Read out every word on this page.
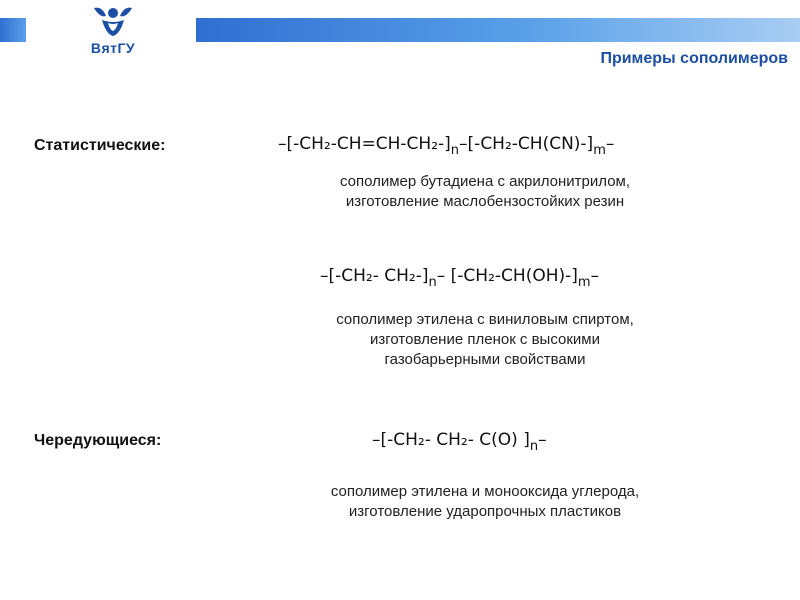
ВятГУ
Примеры сополимеров
Статистические:
Чередующиеся:
$-[-CH_2-CH=CH-CH_2-]_n-[-CH_2-CH(CN)-]_m-$
сополимер бутадиена с акрилонитрилом,
изготовление маслобензостойких резин
–[-CH₂- CH₂-]$_n-$ $[-CH_2-CH(OH)-]_m-$
сополимер этилена с виниловым спиртом,
изготовление пленок с высокими
газобарьерными свойствами
–[-CH₂- CH₂- C(O) ]$_n-$
сополимер этилена и монооксида углерода,
изготовление ударопрочных пластиков
